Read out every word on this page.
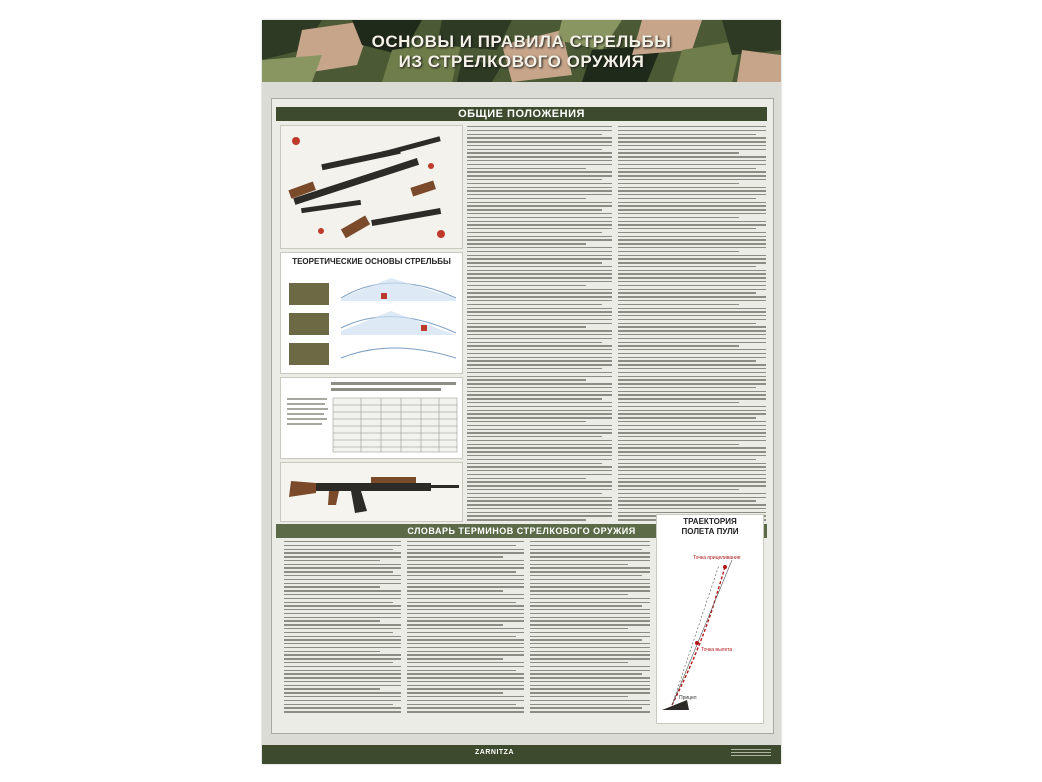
ОСНОВЫ И ПРАВИЛА СТРЕЛЬБЫ
ИЗ СТРЕЛКОВОГО ОРУЖИЯ
ОБЩИЕ ПОЛОЖЕНИЯ
ТЕОРЕТИЧЕСКИЕ ОСНОВЫ СТРЕЛЬБЫ
СЛОВАРЬ ТЕРМИНОВ СТРЕЛКОВОГО ОРУЖИЯ
ТРАЕКТОРИЯ
ПОЛЕТА ПУЛИ
Точка прицеливания
Точка вылета
Прицел
ZARNITZA
